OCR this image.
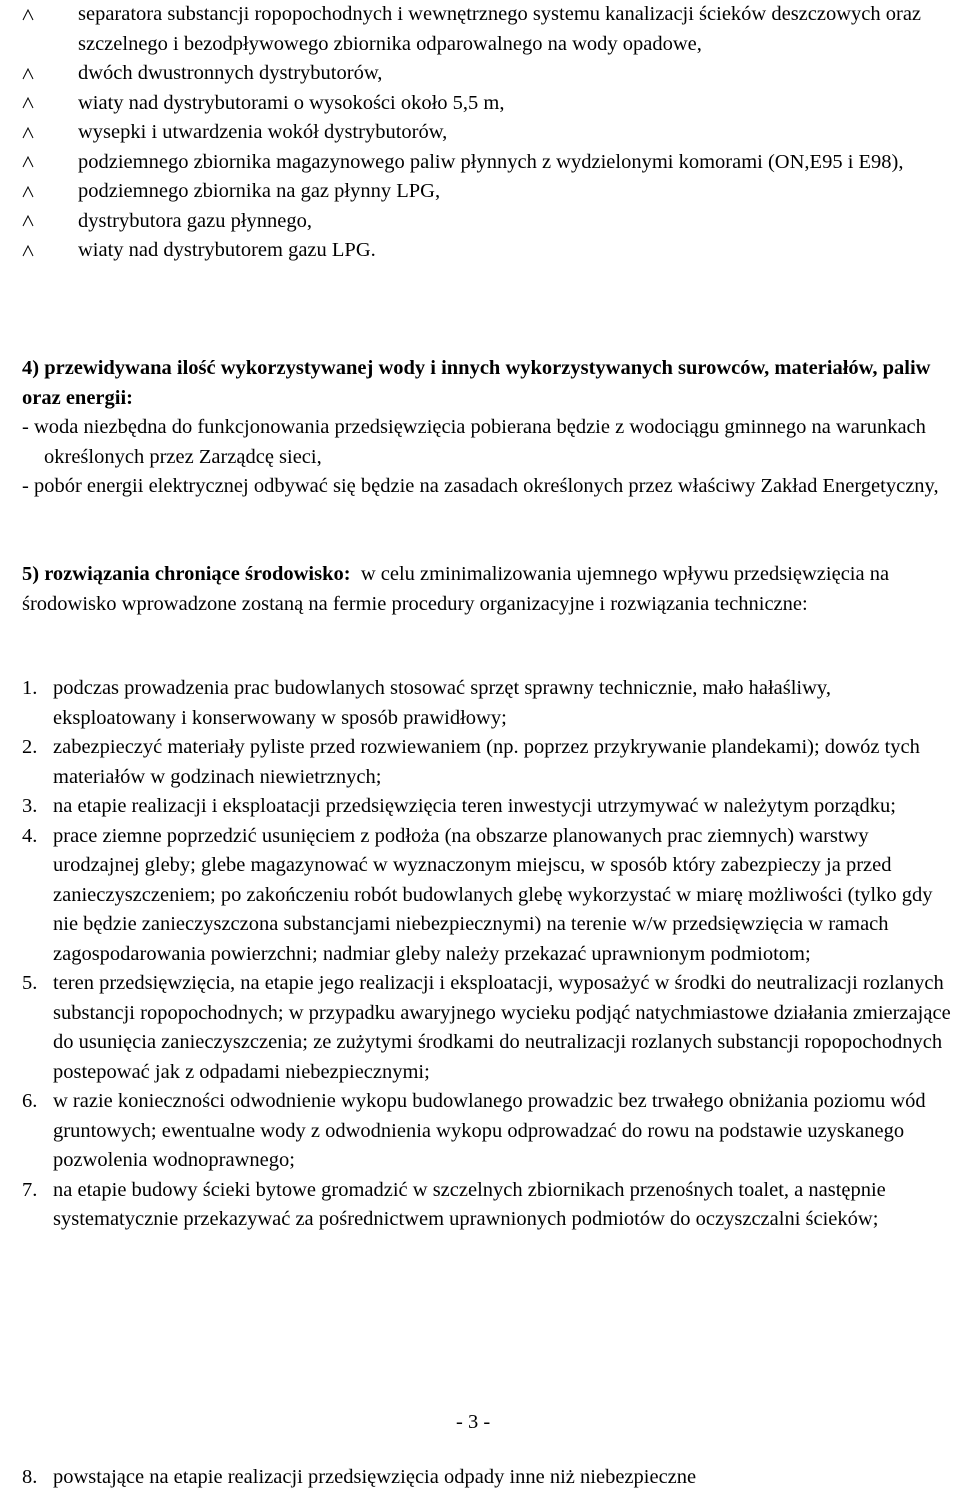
separatora substancji ropopochodnych i wewnętrznego systemu kanalizacji ścieków deszczowych oraz szczelnego i bezodpływowego zbiornika odparowalnego na wody opadowe,
dwóch dwustronnych dystrybutorów,
wiaty nad dystrybutorami o wysokości około 5,5 m,
wysepki i utwardzenia wokół dystrybutorów,
podziemnego zbiornika magazynowego paliw płynnych z wydzielonymi komorami (ON,E95 i E98),
podziemnego zbiornika na gaz płynny LPG,
dystrybutora gazu płynnego,
wiaty nad dystrybutorem gazu LPG.
4) przewidywana ilość wykorzystywanej wody i innych wykorzystywanych surowców, materiałów, paliw oraz energii:
- woda niezbędna do funkcjonowania przedsięwzięcia pobierana będzie z wodociągu gminnego na warunkach określonych przez Zarządcę sieci,
- pobór energii elektrycznej odbywać się będzie na zasadach określonych przez właściwy Zakład Energetyczny,
5) rozwiązania chroniące środowisko: w celu zminimalizowania ujemnego wpływu przedsięwzięcia na środowisko wprowadzone zostaną na fermie procedury organizacyjne i rozwiązania techniczne:
1. podczas prowadzenia prac budowlanych stosować sprzęt sprawny technicznie, mało hałaśliwy, eksploatowany i konserwowany w sposób prawidłowy;
2. zabezpieczyć materiały pyliste przed rozwiewaniem (np. poprzez przykrywanie plandekami); dowóz tych materiałów w godzinach niewietrznych;
3. na etapie realizacji i eksploatacji przedsięwzięcia teren inwestycji utrzymywać w należytym porządku;
4. prace ziemne poprzedzić usunięciem z podłoża (na obszarze planowanych prac ziemnych) warstwy urodzajnej gleby; glebe magazynować w wyznaczonym miejscu, w sposób który zabezpieczy ja przed zanieczyszczeniem; po zakończeniu robót budowlanych glebę wykorzystać w miarę możliwości (tylko gdy nie będzie zanieczyszczona substancjami niebezpiecznymi) na terenie w/w przedsięwzięcia w ramach zagospodarowania powierzchni; nadmiar gleby należy przekazać uprawnionym podmiotom;
5. teren przedsięwzięcia, na etapie jego realizacji i eksploatacji, wyposażyć w środki do neutralizacji rozlanych substancji ropopochodnych; w przypadku awaryjnego wycieku podjąć natychmiastowe działania zmierzające do usunięcia zanieczyszczenia; ze zużytymi środkami do neutralizacji rozlanych substancji ropopochodnych postepować jak z odpadami niebezpiecznymi;
6. w razie konieczności odwodnienie wykopu budowlanego prowadzic bez trwałego obniżania poziomu wód gruntowych; ewentualne wody z odwodnienia wykopu odprowadzać do rowu na podstawie uzyskanego pozwolenia wodnoprawnego;
7. na etapie budowy ścieki bytowe gromadzić w szczelnych zbiornikach przenośnych toalet, a następnie systematycznie przekazywać za pośrednictwem uprawnionych podmiotów do oczyszczalni ścieków;
- 3 -
8. powstające na etapie realizacji przedsięwzięcia odpady inne niż niebezpieczne
